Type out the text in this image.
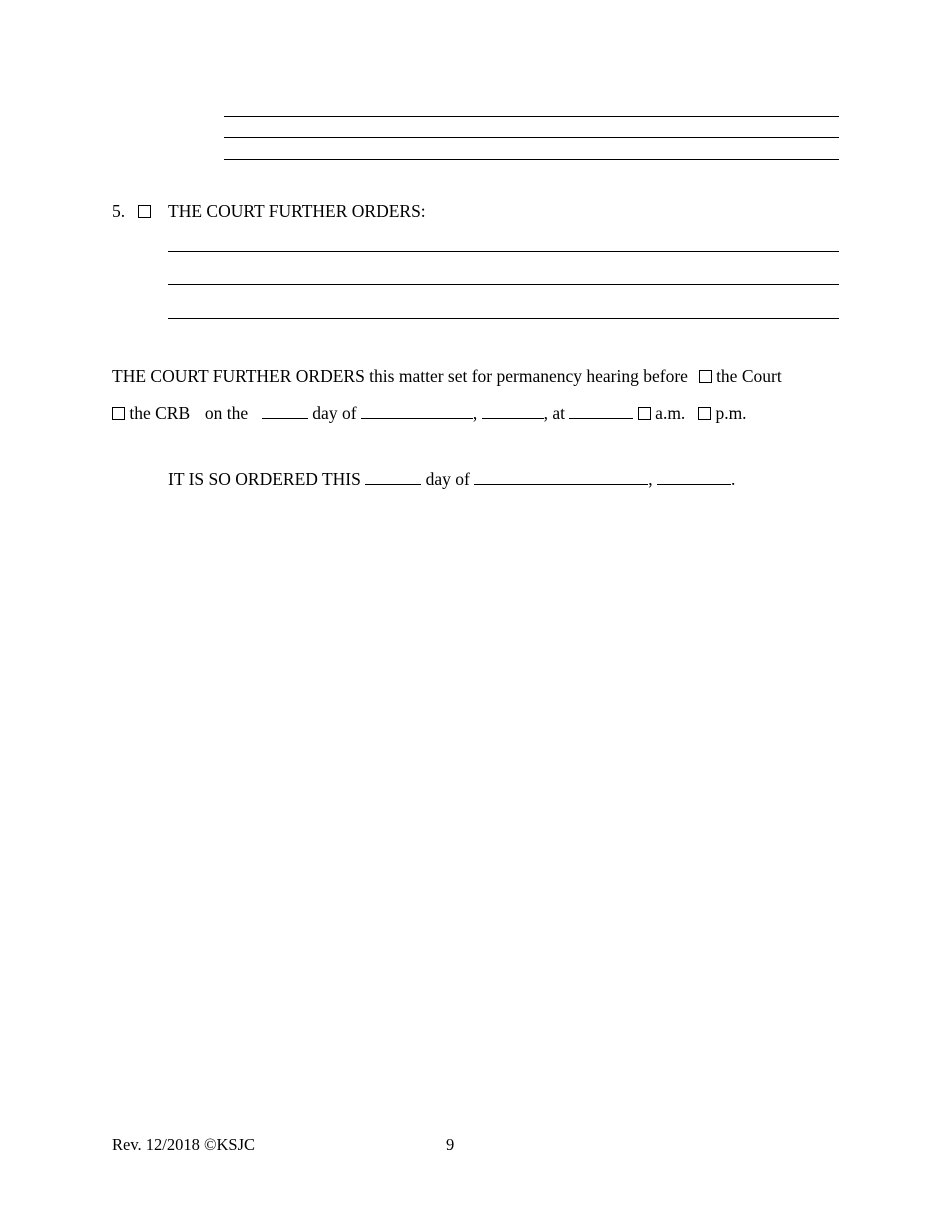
5.	THE COURT FURTHER ORDERS:
THE COURT FURTHER ORDERS this matter set for permanency hearing before the Court
the CRB on the	day of	,	, at	a.m. p.m.
IT IS SO ORDERED THIS	day of	,	.
Rev. 12/2018 ©KSJC	9
